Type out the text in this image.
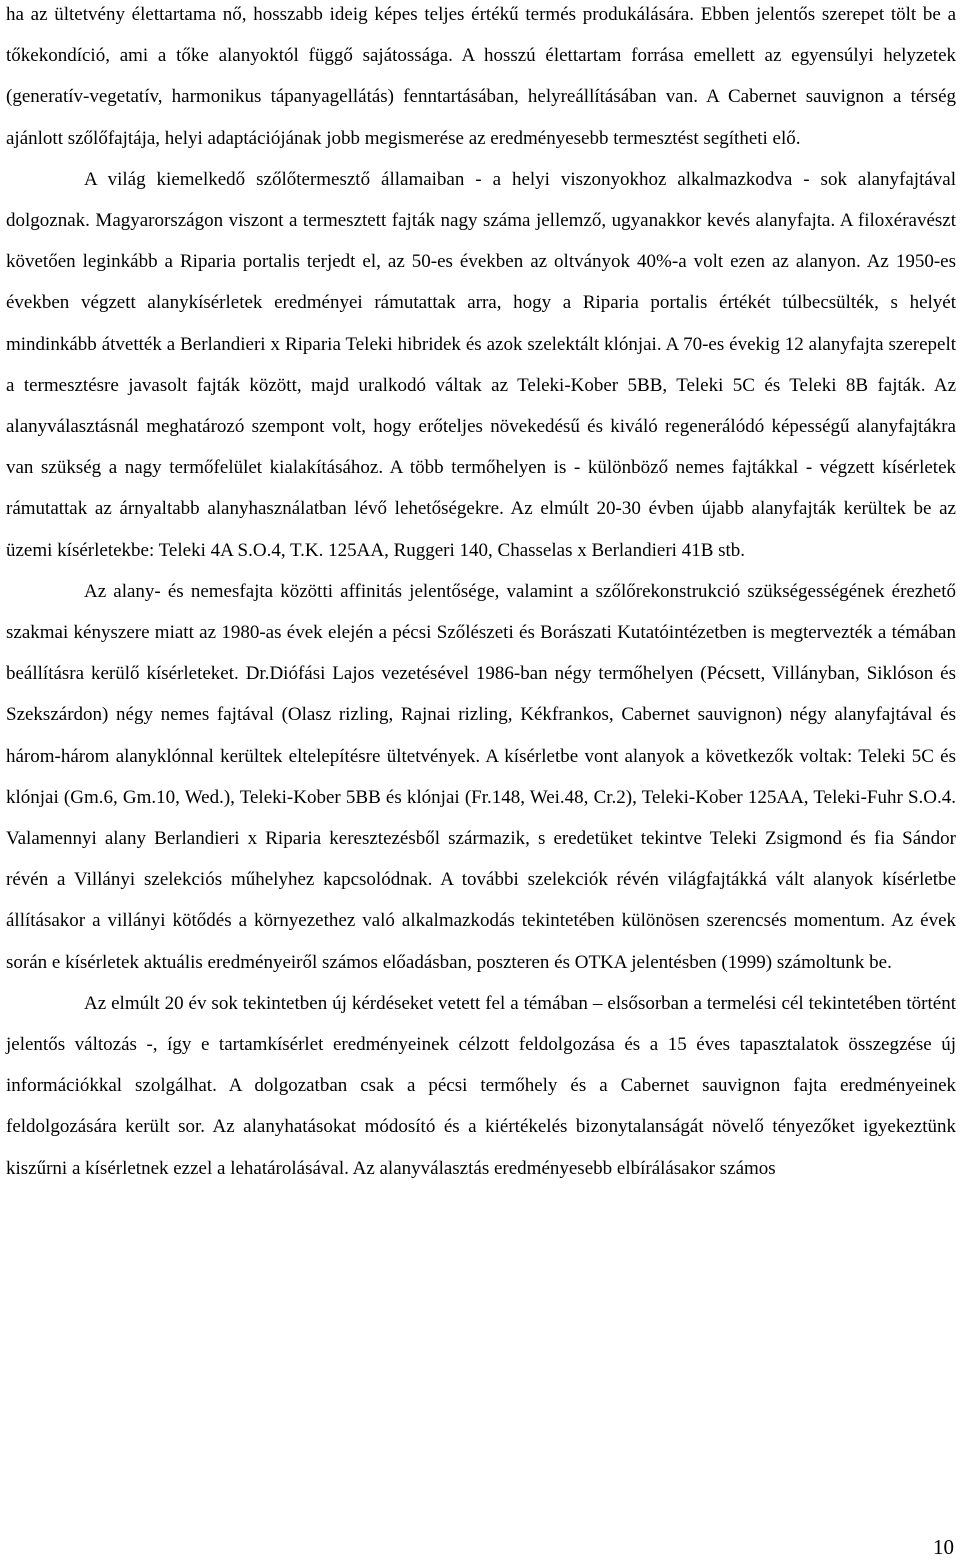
ha az ültetvény élettartama nő, hosszabb ideig képes teljes értékű termés produkálására. Ebben jelentős szerepet tölt be a tőkekondíció, ami a tőke alanyoktól függő sajátossága. A hosszú élettartam forrása emellett az egyensúlyi helyzetek (generatív-vegetatív, harmonikus tápanyagellátás) fenntartásában, helyreállításában van. A Cabernet sauvignon a térség ajánlott szőlőfajtája, helyi adaptációjának jobb megismerése az eredményesebb termesztést segítheti elő.

A világ kiemelkedő szőlőtermesztő államaiban - a helyi viszonyokhoz alkalmazkodva - sok alanyfajtával dolgoznak. Magyarországon viszont a termesztett fajták nagy száma jellemző, ugyanakkor kevés alanyfajta. A filoxéravészt követően leginkább a Riparia portalis terjedt el, az 50-es években az oltványok 40%-a volt ezen az alanyon. Az 1950-es években végzett alanykísérletek eredményei rámutattak arra, hogy a Riparia portalis értékét túlbecsülték, s helyét mindinkább átvették a Berlandieri x Riparia Teleki hibridek és azok szelektált klónjai. A 70-es évekig 12 alanyfajta szerepelt a termesztésre javasolt fajták között, majd uralkodó váltak az Teleki-Kober 5BB, Teleki 5C és Teleki 8B fajták. Az alanyválasztásnál meghatározó szempont volt, hogy erőteljes növekedésű és kiváló regenerálódó képességű alanyfajtákra van szükség a nagy termőfelület kialakításához. A több termőhelyen is - különböző nemes fajtákkal - végzett kísérletek rámutattak az árnyaltabb alanyhasználatban lévő lehetőségekre. Az elmúlt 20-30 évben újabb alanyfajták kerültek be az üzemi kísérletekbe: Teleki 4A S.O.4, T.K. 125AA, Ruggeri 140, Chasselas x Berlandieri 41B stb.

Az alany- és nemesfajta közötti affinitás jelentősége, valamint a szőlőrekonstrukció szükségességének érezhető szakmai kényszere miatt az 1980-as évek elején a pécsi Szőlészeti és Borászati Kutatóintézetben is megtervezték a témában beállításra kerülő kísérleteket. Dr.Diófási Lajos vezetésével 1986-ban négy termőhelyen (Pécsett, Villányban, Siklóson és Szekszárdon) négy nemes fajtával (Olasz rizling, Rajnai rizling, Kékfrankos, Cabernet sauvignon) négy alanyfajtával és három-három alanyklónnal kerültek eltelepítésre ültetvények. A kísérletbe vont alanyok a következők voltak: Teleki 5C és klónjai (Gm.6, Gm.10, Wed.), Teleki-Kober 5BB és klónjai (Fr.148, Wei.48, Cr.2), Teleki-Kober 125AA, Teleki-Fuhr S.O.4. Valamennyi alany Berlandieri x Riparia keresztezésből származik, s eredetüket tekintve Teleki Zsigmond és fia Sándor révén a Villányi szelekciós műhelyhez kapcsolódnak. A további szelekciók révén világfajtákká vált alanyok kísérletbe állításakor a villányi kötődés a környezethez való alkalmazkodás tekintetében különösen szerencsés momentum. Az évek során e kísérletek aktuális eredményeiről számos előadásban, poszteren és OTKA jelentésben (1999) számoltunk be.

Az elmúlt 20 év sok tekintetben új kérdéseket vetett fel a témában – elsősorban a termelési cél tekintetében történt jelentős változás -, így e tartamkísérlet eredményeinek célzott feldolgozása és a 15 éves tapasztalatok összegzése új információkkal szolgálhat. A dolgozatban csak a pécsi termőhely és a Cabernet sauvignon fajta eredményeinek feldolgozására került sor. Az alanyhatásokat módosító és a kiértékelés bizonytalanságát növelő tényezőket igyekeztünk kiszűrni a kísérletnek ezzel a lehatárolásával. Az alanyválasztás eredményesebb elbírálásakor számos

10
